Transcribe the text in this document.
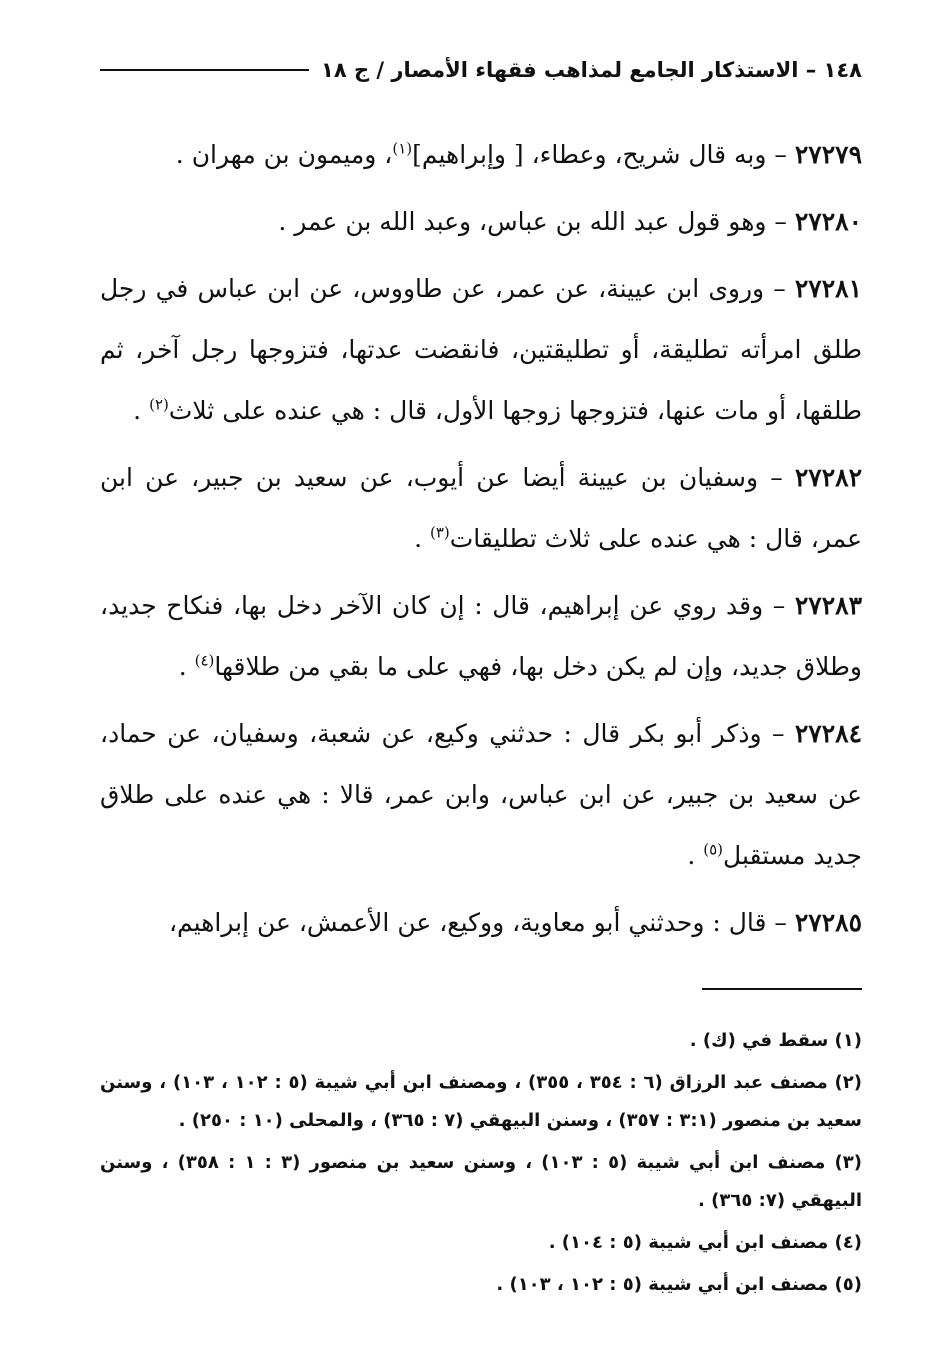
١٤٨ – الاستذكار الجامع لمذاهب فقهاء الأمصار / ج ١٨

٢٧٢٧٩ – وبه قال شريح، وعطاء، [ وإبراهيم]$^{(١)}$، وميمون بن مهران .

٢٧٢٨٠ – وهو قول عبد الله بن عباس، وعبد الله بن عمر .

٢٧٢٨١ – وروى ابن عيينة، عن عمر، عن طاووس، عن ابن عباس في رجل طلق امرأته تطليقة، أو تطليقتين، فانقضت عدتها، فتزوجها رجل آخر، ثم طلقها، أو مات عنها، فتزوجها زوجها الأول، قال : هي عنده على ثلاث$^{(٢)}$ .

٢٧٢٨٢ – وسفيان بن عيينة أيضا عن أيوب، عن سعيد بن جبير، عن ابن عمر، قال : هي عنده على ثلاث تطليقات$^{(٣)}$ .

٢٧٢٨٣ – وقد روي عن إبراهيم، قال : إن كان الآخر دخل بها، فنكاح جديد، وطلاق جديد، وإن لم يكن دخل بها، فهي على ما بقي من طلاقها$^{(٤)}$ .

٢٧٢٨٤ – وذكر أبو بكر قال : حدثني وكيع، عن شعبة، وسفيان، عن حماد، عن سعيد بن جبير، عن ابن عباس، وابن عمر، قالا : هي عنده على طلاق جديد مستقبل$^{(٥)}$ .

٢٧٢٨٥ – قال : وحدثني أبو معاوية، ووكيع، عن الأعمش، عن إبراهيم،

(١) سقط في (ك) .

(٢) مصنف عبد الرزاق (٦ : ٣٥٤ ، ٣٥٥) ، ومصنف ابن أبي شيبة (٥ : ١٠٢ ، ١٠٣) ، وسنن سعيد بن منصور (٣:١ : ٣٥٧) ، وسنن البيهقي (٧ : ٣٦٥) ، والمحلى (١٠ : ٢٥٠) .

(٣) مصنف ابن أبي شيبة (٥ : ١٠٣) ، وسنن سعيد بن منصور (٣ : ١ : ٣٥٨) ، وسنن البيهقي (٧: ٣٦٥) .

(٤) مصنف ابن أبي شيبة (٥ : ١٠٤) .

(٥) مصنف ابن أبي شيبة (٥ : ١٠٢ ، ١٠٣) .
